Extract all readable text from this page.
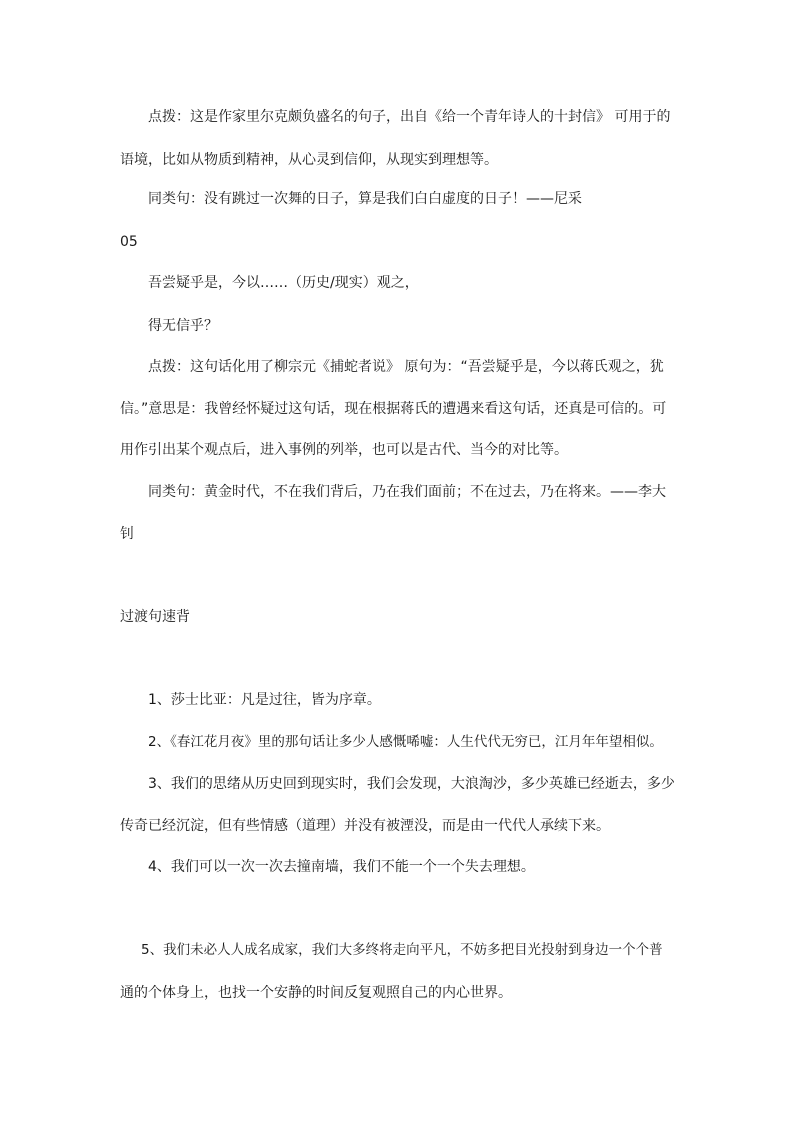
点拨：这是作家里尔克颇负盛名的句子，出自《给一个青年诗人的十封信》 可用于的

语境，比如从物质到精神，从心灵到信仰，从现实到理想等。

同类句：没有跳过一次舞的日子，算是我们白白虚度的日子！——尼采

05

吾尝疑乎是，今以……（历史/现实）观之，

得无信乎？

点拨：这句话化用了柳宗元《捕蛇者说》 原句为：“吾尝疑乎是，今以蒋氏观之，犹

信。”意思是：我曾经怀疑过这句话，现在根据蒋氏的遭遇来看这句话，还真是可信的。可

用作引出某个观点后，进入事例的列举，也可以是古代、当今的对比等。

同类句：黄金时代，不在我们背后，乃在我们面前；不在过去，乃在将来。——李大

钊

过渡句速背

1、莎士比亚：凡是过往，皆为序章。

2、《春江花月夜》里的那句话让多少人感慨唏嘘：人生代代无穷已，江月年年望相似。

3、我们的思绪从历史回到现实时，我们会发现，大浪淘沙，多少英雄已经逝去，多少

传奇已经沉淀，但有些情感（道理）并没有被湮没，而是由一代代人承续下来。

4、我们可以一次一次去撞南墙，我们不能一个一个失去理想。

5、我们未必人人成名成家，我们大多终将走向平凡，不妨多把目光投射到身边一个个普

通的个体身上，也找一个安静的时间反复观照自己的内心世界。
